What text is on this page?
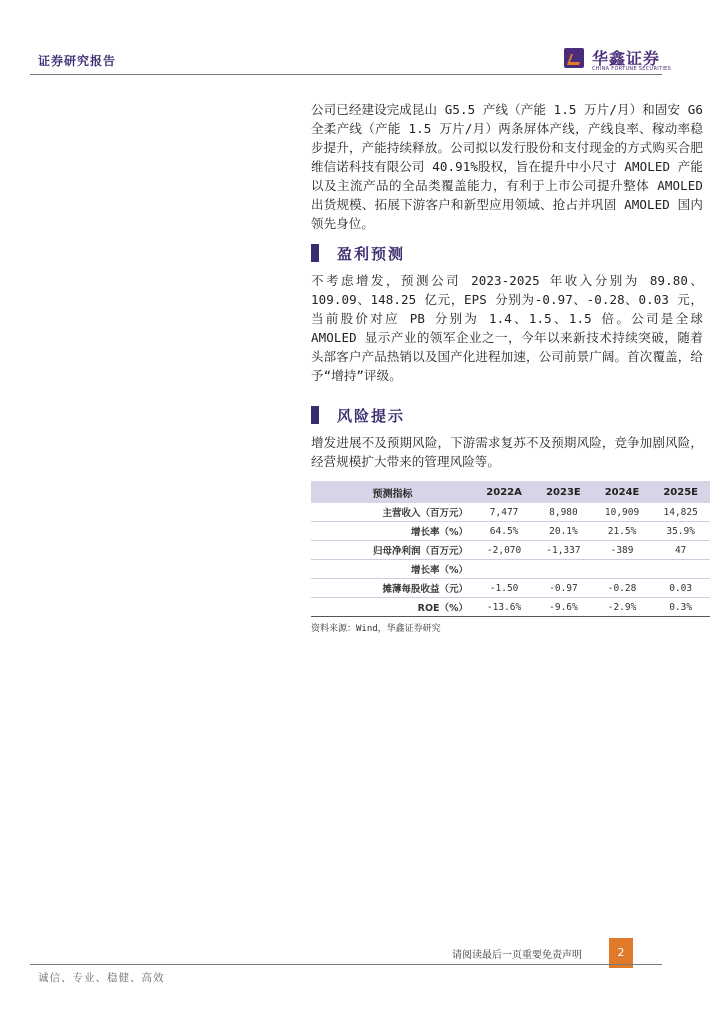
证券研究报告	华鑫证券
CHINA FORTUNE SECURITIES

公司已经建设完成昆山 G5.5 产线（产能 1.5 万片/月）和固安 G6 全柔产线（产能 1.5 万片/月）两条屏体产线，产线良率、稼动率稳步提升，产能持续释放。公司拟以发行股份和支付现金的方式购买合肥维信诺科技有限公司 40.91%股权，旨在提升中小尺寸 AMOLED 产能以及主流产品的全品类覆盖能力，有利于上市公司提升整体 AMOLED 出货规模、拓展下游客户和新型应用领域、抢占并巩固 AMOLED 国内领先身位。

盈利预测

不考虑增发，预测公司 2023-2025 年收入分别为 89.80、109.09、148.25 亿元，EPS 分别为-0.97、-0.28、0.03 元，当前股价对应 PB 分别为 1.4、1.5、1.5 倍。公司是全球 AMOLED 显示产业的领军企业之一，今年以来新技术持续突破，随着头部客户产品热销以及国产化进程加速，公司前景广阔。首次覆盖，给予“增持”评级。

风险提示

增发进展不及预期风险，下游需求复苏不及预期风险，竞争加剧风险，经营规模扩大带来的管理风险等。

预测指标	2022A	2023E	2024E	2025E
主营收入（百万元）	7,477	8,980	10,909	14,825
增长率（%）	64.5%	20.1%	21.5%	35.9%
归母净利润（百万元）	-2,070	-1,337	-389	47
增长率（%）				
摊薄每股收益（元）	-1.50	-0.97	-0.28	0.03
ROE（%）	-13.6%	-9.6%	-2.9%	0.3%
资料来源：Wind，华鑫证券研究
请阅读最后一页重要免责声明	2
诚信、专业、稳健、高效
